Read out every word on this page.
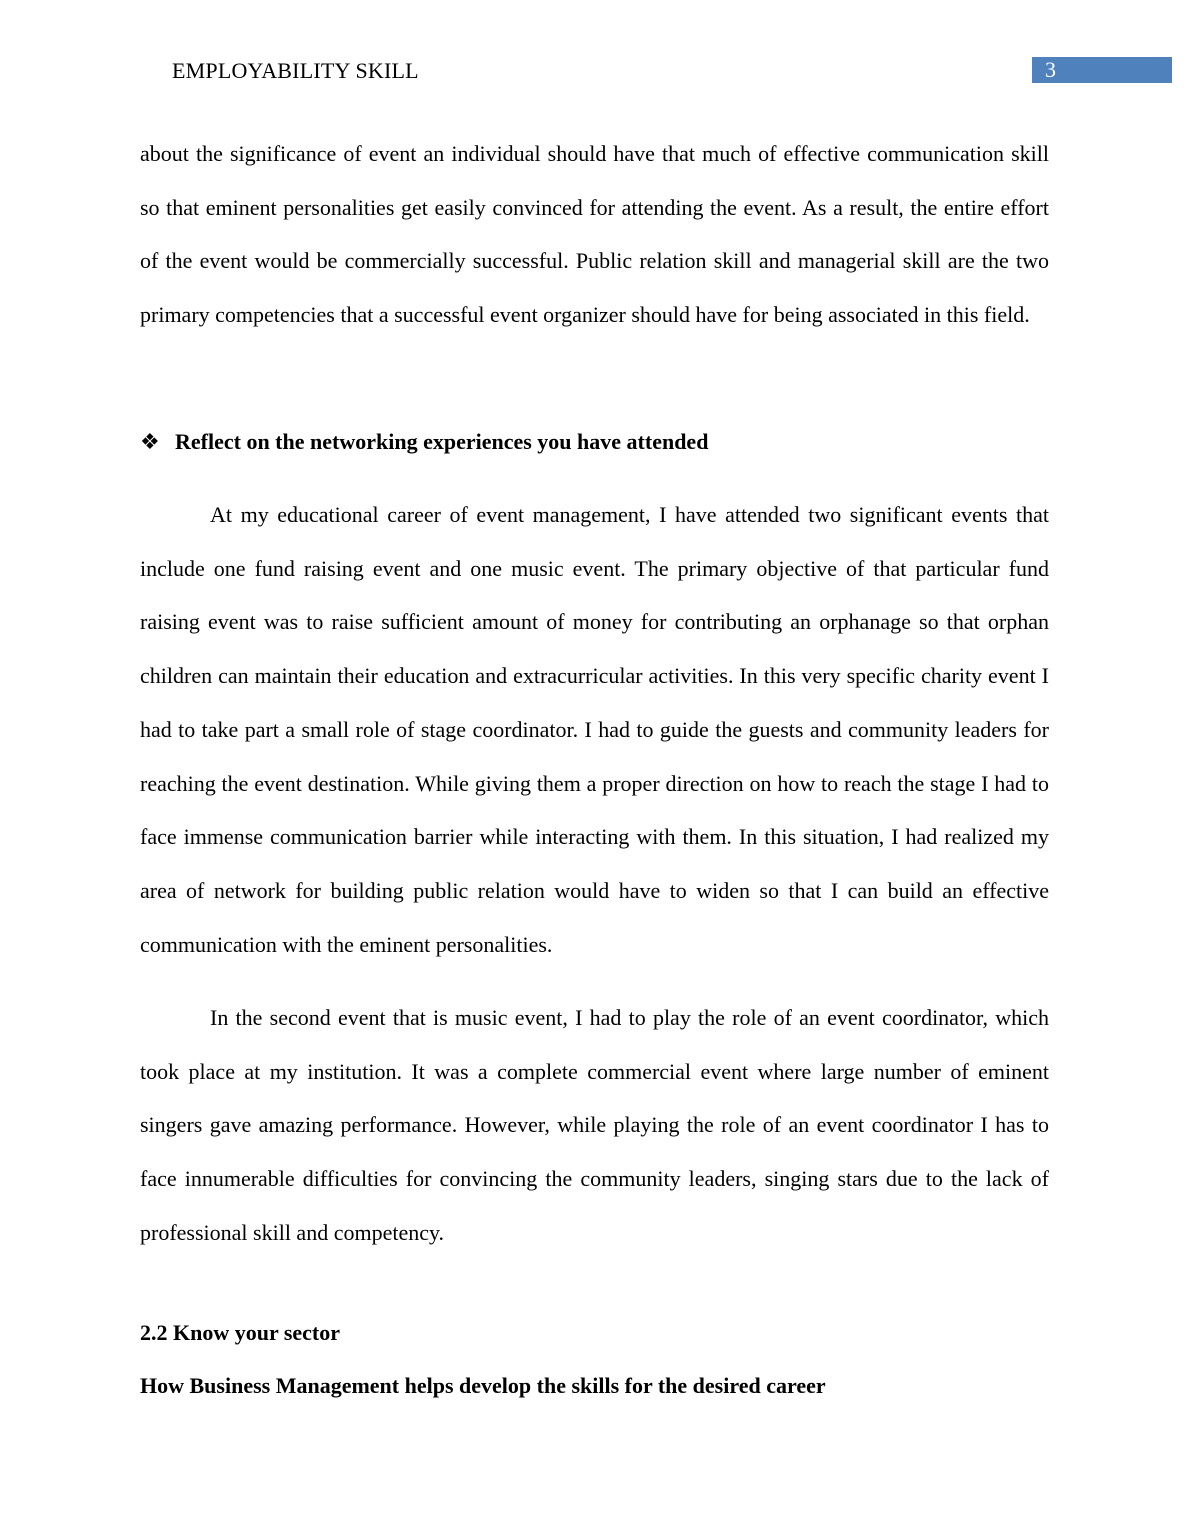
EMPLOYABILITY SKILL	3

about the significance of event an individual should have that much of effective communication skill so that eminent personalities get easily convinced for attending the event. As a result, the entire effort of the event would be commercially successful. Public relation skill and managerial skill are the two primary competencies that a successful event organizer should have for being associated in this field.

❖ Reflect on the networking experiences you have attended

At my educational career of event management, I have attended two significant events that include one fund raising event and one music event. The primary objective of that particular fund raising event was to raise sufficient amount of money for contributing an orphanage so that orphan children can maintain their education and extracurricular activities. In this very specific charity event I had to take part a small role of stage coordinator. I had to guide the guests and community leaders for reaching the event destination. While giving them a proper direction on how to reach the stage I had to face immense communication barrier while interacting with them. In this situation, I had realized my area of network for building public relation would have to widen so that I can build an effective communication with the eminent personalities.

In the second event that is music event, I had to play the role of an event coordinator, which took place at my institution. It was a complete commercial event where large number of eminent singers gave amazing performance. However, while playing the role of an event coordinator I has to face innumerable difficulties for convincing the community leaders, singing stars due to the lack of professional skill and competency.

2.2 Know your sector
How Business Management helps develop the skills for the desired career
